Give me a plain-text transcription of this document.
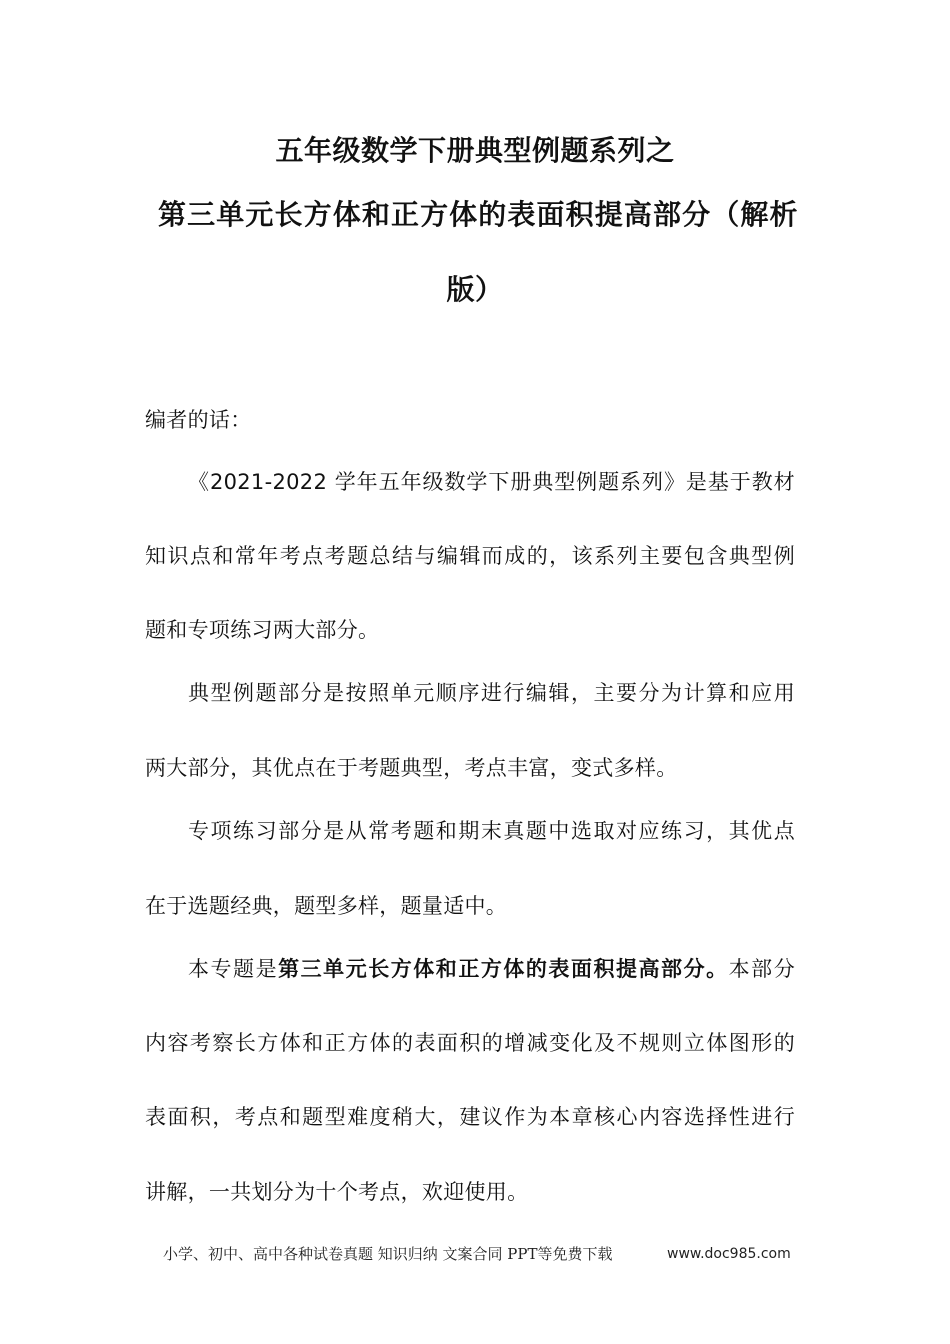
五年级数学下册典型例题系列之
第三单元长方体和正方体的表面积提高部分（解析
版）
编者的话：
《2021-2022 学年五年级数学下册典型例题系列》是基于教材
知识点和常年考点考题总结与编辑而成的，该系列主要包含典型例
题和专项练习两大部分。
典型例题部分是按照单元顺序进行编辑，主要分为计算和应用
两大部分，其优点在于考题典型，考点丰富，变式多样。
专项练习部分是从常考题和期末真题中选取对应练习，其优点
在于选题经典，题型多样，题量适中。
本专题是第三单元长方体和正方体的表面积提高部分。本部分
内容考察长方体和正方体的表面积的增减变化及不规则立体图形的
表面积，考点和题型难度稍大，建议作为本章核心内容选择性进行
讲解，一共划分为十个考点，欢迎使用。
小学、初中、高中各种试卷真题 知识归纳 文案合同 PPT等免费下载	www.doc985.com
